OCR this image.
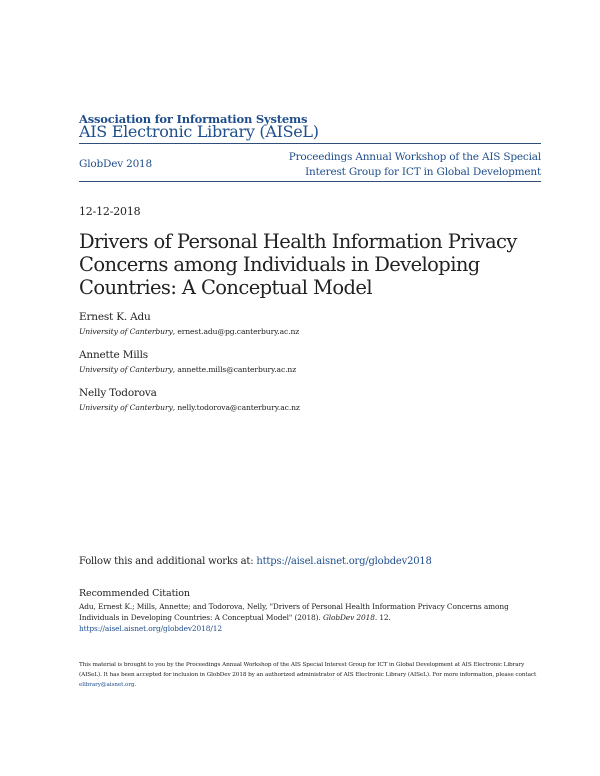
Association for Information Systems
AIS Electronic Library (AISeL)
GlobDev 2018
Proceedings Annual Workshop of the AIS Special
Interest Group for ICT in Global Development
12-12-2018
Drivers of Personal Health Information Privacy Concerns among Individuals in Developing Countries: A Conceptual Model
Ernest K. Adu
University of Canterbury, ernest.adu@pg.canterbury.ac.nz
Annette Mills
University of Canterbury, annette.mills@canterbury.ac.nz
Nelly Todorova
University of Canterbury, nelly.todorova@canterbury.ac.nz
Follow this and additional works at: https://aisel.aisnet.org/globdev2018
Recommended Citation
Adu, Ernest K.; Mills, Annette; and Todorova, Nelly, "Drivers of Personal Health Information Privacy Concerns among Individuals in Developing Countries: A Conceptual Model" (2018). GlobDev 2018. 12.
https://aisel.aisnet.org/globdev2018/12
This material is brought to you by the Proceedings Annual Workshop of the AIS Special Interest Group for ICT in Global Development at AIS Electronic Library (AISeL). It has been accepted for inclusion in GlobDev 2018 by an authorized administrator of AIS Electronic Library (AISeL). For more information, please contact elibrary@aisnet.org.
